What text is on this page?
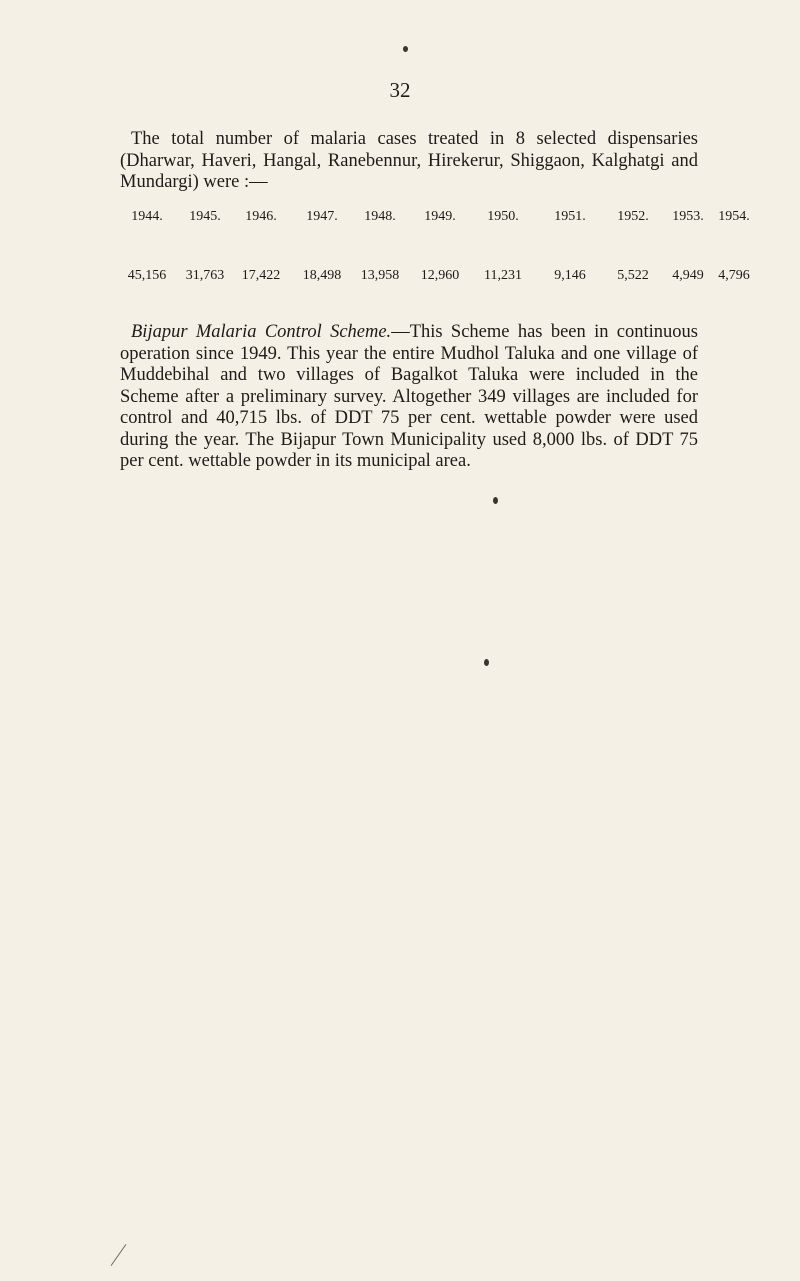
32

The total number of malaria cases treated in 8 selected dispensaries (Dharwar, Haveri, Hangal, Ranebennur, Hirekerur, Shiggaon, Kalghatgi and Mundargi) were :—

1944.	1945.	1946.	1947.	1948.	1949.	1950.	1951.	1952.	1953.	1954.
45,156	31,763	17,422	18,498	13,958	12,960	11,231	9,146	5,522	4,949	4,796

Bijapur Malaria Control Scheme.—This Scheme has been in continuous operation since 1949. This year the entire Mudhol Taluka and one village of Muddebihal and two villages of Bagalkot Taluka were included in the Scheme after a preliminary survey. Altogether 349 villages are included for control and 40,715 lbs. of DDT 75 per cent. wettable powder were used during the year. The Bijapur Town Municipality used 8,000 lbs. of DDT 75 per cent. wettable powder in its municipal area.
